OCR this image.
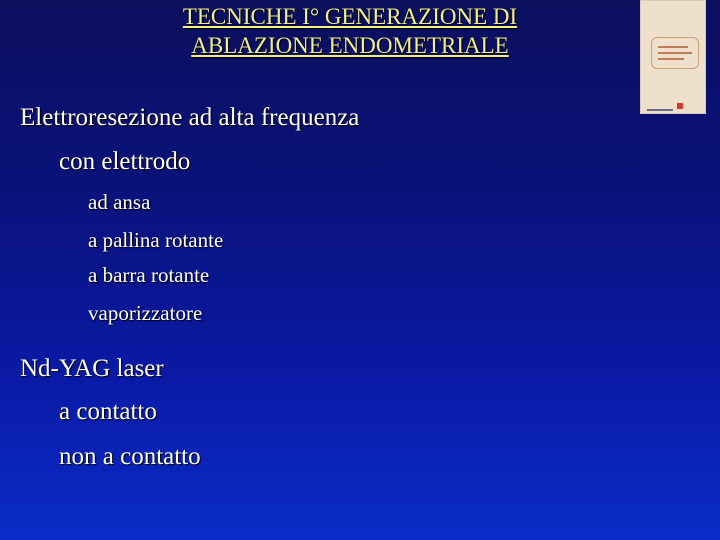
TECNICHE I° GENERAZIONE DI
ABLAZIONE ENDOMETRIALE
Elettroresezione ad alta frequenza
con elettrodo
ad ansa
a pallina rotante
a barra rotante
vaporizzatore
Nd-YAG laser
a contatto
non a contatto
